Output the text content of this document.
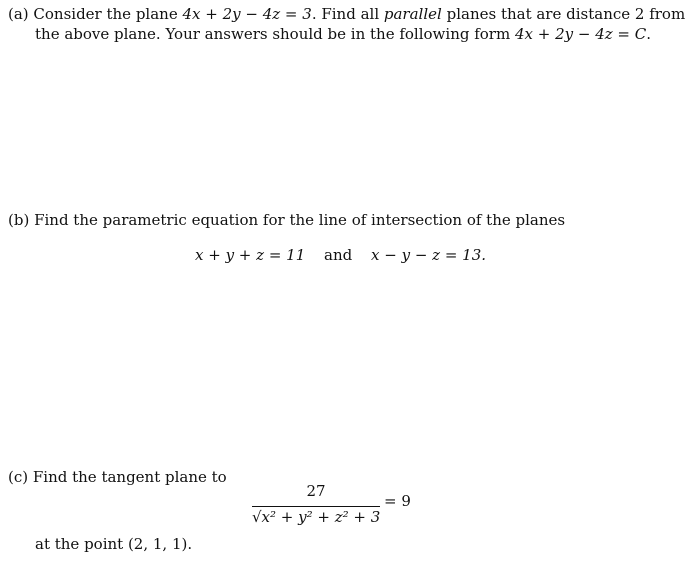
(a) Consider the plane 4x + 2y − 4z = 3. Find all parallel planes that are distance 2 from
the above plane. Your answers should be in the following form 4x + 2y − 4z = C.
(b) Find the parametric equation for the line of intersection of the planes
x + y + z = 11 and x − y − z = 13.
(c) Find the tangent plane to
27
√x² + y² + z² + 3
= 9
at the point (2, 1, 1).
